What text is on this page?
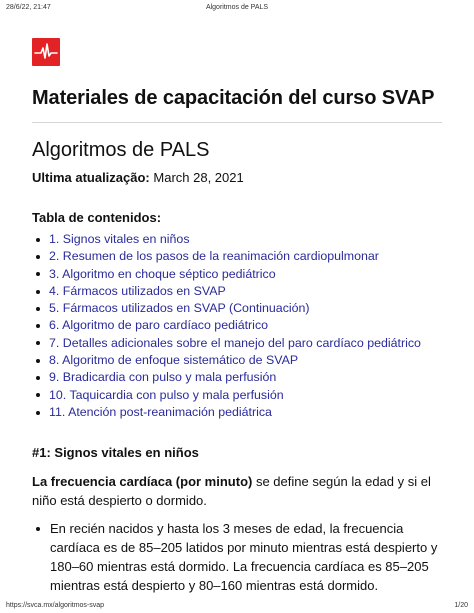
28/6/22, 21:47	Algoritmos de PALS
Materiales de capacitación del curso SVAP
Algoritmos de PALS
Ultima atualização: March 28, 2021
Tabla de contenidos:
1. Signos vitales en niños
2. Resumen de los pasos de la reanimación cardiopulmonar
3. Algoritmo en choque séptico pediátrico
4. Fármacos utilizados en SVAP
5. Fármacos utilizados en SVAP (Continuación)
6. Algoritmo de paro cardíaco pediátrico
7. Detalles adicionales sobre el manejo del paro cardíaco pediátrico
8. Algoritmo de enfoque sistemático de SVAP
9. Bradicardia con pulso y mala perfusión
10. Taquicardia con pulso y mala perfusión
11. Atención post-reanimación pediátrica
#1: Signos vitales en niños

La frecuencia cardíaca (por minuto) se define según la edad y si el niño está despierto o dormido.

En recién nacidos y hasta los 3 meses de edad, la frecuencia cardíaca es de 85–205 latidos por minuto mientras está despierto y 180–60 mientras está dormido. La frecuencia cardíaca es 85–205 mientras está despierto y 80–160 mientras está dormido.

https://svca.mx/algoritmos-svap	1/20
